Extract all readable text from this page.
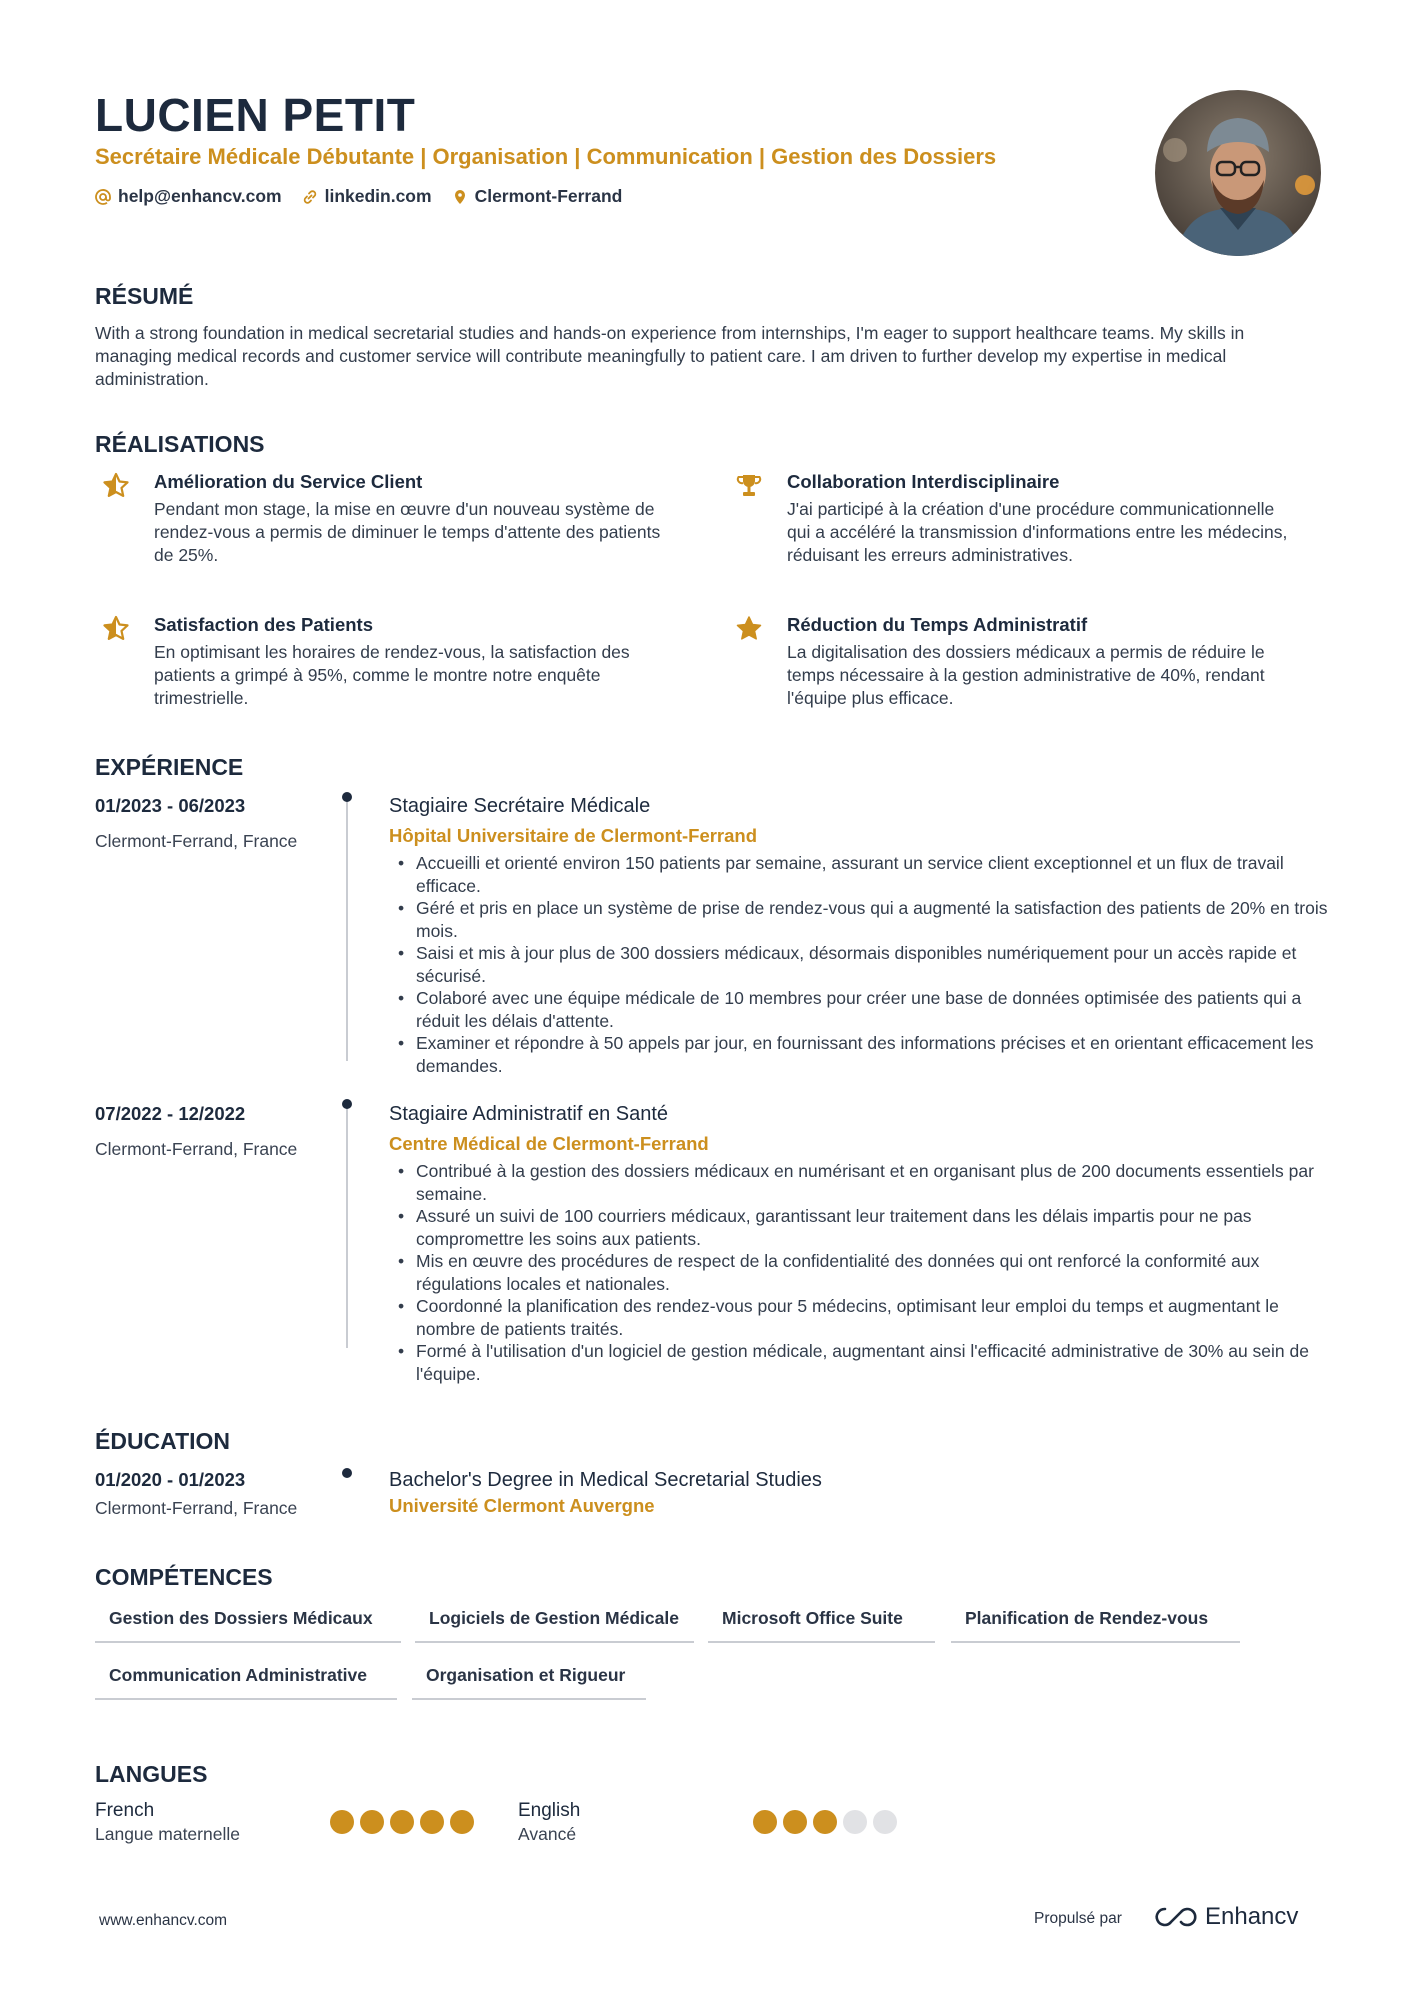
LUCIEN PETIT
Secrétaire Médicale Débutante | Organisation | Communication | Gestion des Dossiers
help@enhancv.com linkedin.com Clermont-Ferrand
RÉSUMÉ
With a strong foundation in medical secretarial studies and hands-on experience from internships, I'm eager to support healthcare teams. My skills in managing medical records and customer service will contribute meaningfully to patient care. I am driven to further develop my expertise in medical administration.
RÉALISATIONS
Amélioration du Service Client
Pendant mon stage, la mise en œuvre d'un nouveau système de rendez-vous a permis de diminuer le temps d'attente des patients de 25%.
Collaboration Interdisciplinaire
J'ai participé à la création d'une procédure communicationnelle qui a accéléré la transmission d'informations entre les médecins, réduisant les erreurs administratives.
Satisfaction des Patients
En optimisant les horaires de rendez-vous, la satisfaction des patients a grimpé à 95%, comme le montre notre enquête trimestrielle.
Réduction du Temps Administratif
La digitalisation des dossiers médicaux a permis de réduire le temps nécessaire à la gestion administrative de 40%, rendant l'équipe plus efficace.
EXPÉRIENCE
01/2023 - 06/2023
Clermont-Ferrand, France
Stagiaire Secrétaire Médicale
Hôpital Universitaire de Clermont-Ferrand
• Accueilli et orienté environ 150 patients par semaine, assurant un service client exceptionnel et un flux de travail efficace.
• Géré et pris en place un système de prise de rendez-vous qui a augmenté la satisfaction des patients de 20% en trois mois.
• Saisi et mis à jour plus de 300 dossiers médicaux, désormais disponibles numériquement pour un accès rapide et sécurisé.
• Colaboré avec une équipe médicale de 10 membres pour créer une base de données optimisée des patients qui a réduit les délais d'attente.
• Examiner et répondre à 50 appels par jour, en fournissant des informations précises et en orientant efficacement les demandes.
07/2022 - 12/2022
Clermont-Ferrand, France
Stagiaire Administratif en Santé
Centre Médical de Clermont-Ferrand
• Contribué à la gestion des dossiers médicaux en numérisant et en organisant plus de 200 documents essentiels par semaine.
• Assuré un suivi de 100 courriers médicaux, garantissant leur traitement dans les délais impartis pour ne pas compromettre les soins aux patients.
• Mis en œuvre des procédures de respect de la confidentialité des données qui ont renforcé la conformité aux régulations locales et nationales.
• Coordonné la planification des rendez-vous pour 5 médecins, optimisant leur emploi du temps et augmentant le nombre de patients traités.
• Formé à l'utilisation d'un logiciel de gestion médicale, augmentant ainsi l'efficacité administrative de 30% au sein de l'équipe.
ÉDUCATION
01/2020 - 01/2023
Clermont-Ferrand, France
Bachelor's Degree in Medical Secretarial Studies
Université Clermont Auvergne
COMPÉTENCES
Gestion des Dossiers Médicaux	Logiciels de Gestion Médicale	Microsoft Office Suite	Planification de Rendez-vous
Communication Administrative	Organisation et Rigueur
LANGUES
French
Langue maternelle
English
Avancé
www.enhancv.com	Propulsé par	Enhancv
